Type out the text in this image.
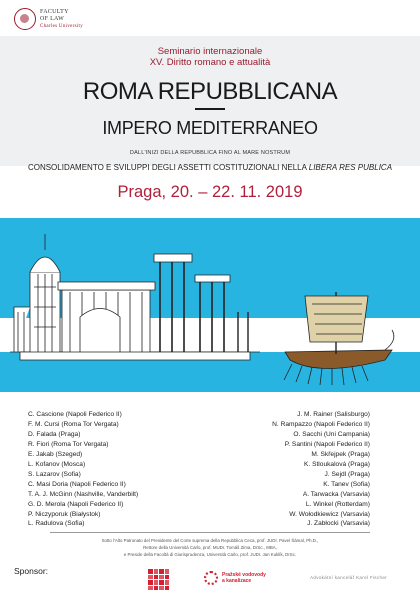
FACULTY
OF LAW
Charles University
Seminario internazionale
XV. Diritto romano e attualità
ROMA REPUBBLICANA
IMPERO MEDITERRANEO
DALL'INIZI DELLA REPUBBLICA FINO AL MARE NOSTRUM
CONSOLIDAMENTO E SVILUPPI DEGLI ASSETTI COSTITUZIONALI NELLA LIBERA RES PUBLICA
Praga, 20. – 22. 11. 2019
C. Cascione (Napoli Federico II)
F. M. Cursi (Roma Tor Vergata)
D. Falada (Praga)
R. Fiori (Roma Tor Vergata)
E. Jakab (Szeged)
L. Kofanov (Mosca)
S. Lazarov (Sofia)
C. Masi Doria (Napoli Federico II)
T. A. J. McGinn (Nashville, Vanderbilt)
G. D. Merola (Napoli Federico II)
P. Niczyporuk (Białystok)
L. Radulova (Sofia)
J. M. Rainer (Salisburgo)
N. Rampazzo (Napoli Federico II)
O. Sacchi (Uni Campania)
P. Santini (Napoli Federico II)
M. Skřejpek (Praga)
K. Stloukalová (Praga)
J. Sejdl (Praga)
K. Tanev (Sofia)
A. Tarwacka (Varsavia)
L. Winkel (Rotterdam)
W. Wołodkiewicz (Varsavia)
J. Zabłocki (Varsavia)
Sotto l'Alto Patronato del Presidente del Corte suprema della Repubblica Ceca, prof. JUDr. Pavel Šámal, Ph.D.,
Rettore della Università Carlo, prof. MUDr. Tomáš Zima, DrSc., MBA,
e Preside della Facoltà di Giurisprudenza, Università Carlo, prof. JUDr. Jan Kuklík, DrSc.
Sponsor:	Pražské vodovody
a kanalizace
Advokátní kancelář Karel Fischer
